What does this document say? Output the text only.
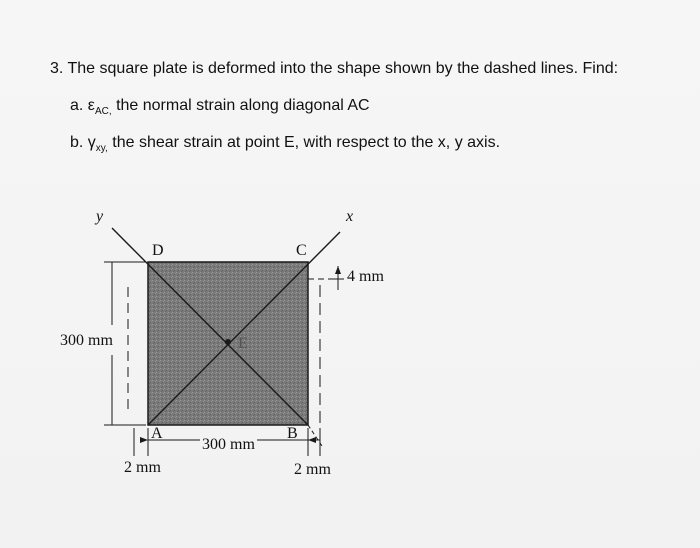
3. The square plate is deformed into the shape shown by the dashed lines. Find:
a. $\varepsilon_{AC,}$ the normal strain along diagonal AC
b. $\gamma_{xy,}$ the shear strain at point E, with respect to the x, y axis.
y	x
D	C
E
A	B
4 mm
300 mm
300 mm
2 mm	2 mm
